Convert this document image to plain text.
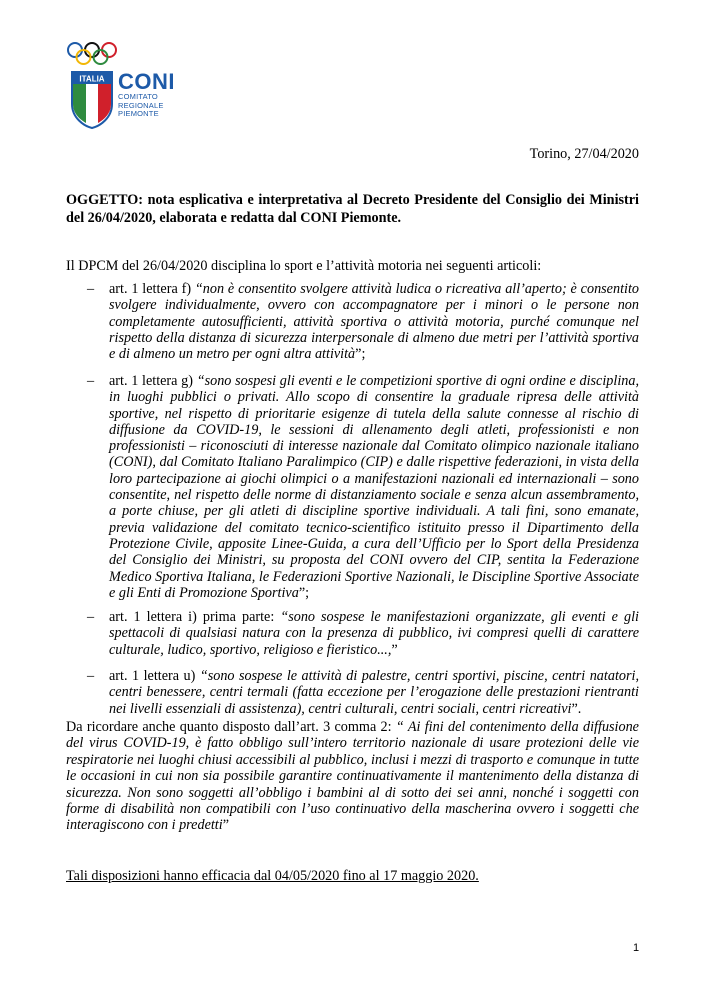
ITALIA CONI
COMITATO
REGIONALE
PIEMONTE
Torino, 27/04/2020
OGGETTO: nota esplicativa e interpretativa al Decreto Presidente del Consiglio dei Ministri del 26/04/2020, elaborata e redatta dal CONI Piemonte.
Il DPCM del 26/04/2020 disciplina lo sport e l’attività motoria nei seguenti articoli:
– art. 1 lettera f) “non è consentito svolgere attività ludica o ricreativa all’aperto; è consentito svolgere individualmente, ovvero con accompagnatore per i minori o le persone non completamente autosufficienti, attività sportiva o attività motoria, purché comunque nel rispetto della distanza di sicurezza interpersonale di almeno due metri per l’attività sportiva e di almeno un metro per ogni altra attività”;
– art. 1 lettera g) “sono sospesi gli eventi e le competizioni sportive di ogni ordine e disciplina, in luoghi pubblici o privati. Allo scopo di consentire la graduale ripresa delle attività sportive, nel rispetto di prioritarie esigenze di tutela della salute connesse al rischio di diffusione da COVID-19, le sessioni di allenamento degli atleti, professionisti e non professionisti – riconosciuti di interesse nazionale dal Comitato olimpico nazionale italiano (CONI), dal Comitato Italiano Paralimpico (CIP) e dalle rispettive federazioni, in vista della loro partecipazione ai giochi olimpici o a manifestazioni nazionali ed internazionali – sono consentite, nel rispetto delle norme di distanziamento sociale e senza alcun assembramento, a porte chiuse, per gli atleti di discipline sportive individuali. A tali fini, sono emanate, previa validazione del comitato tecnico-scientifico istituito presso il Dipartimento della Protezione Civile, apposite Linee-Guida, a cura dell’Ufficio per lo Sport della Presidenza del Consiglio dei Ministri, su proposta del CONI ovvero del CIP, sentita la Federazione Medico Sportiva Italiana, le Federazioni Sportive Nazionali, le Discipline Sportive Associate e gli Enti di Promozione Sportiva”;
– art. 1 lettera i) prima parte: “sono sospese le manifestazioni organizzate, gli eventi e gli spettacoli di qualsiasi natura con la presenza di pubblico, ivi compresi quelli di carattere culturale, ludico, sportivo, religioso e fieristico...,”
– art. 1 lettera u) “sono sospese le attività di palestre, centri sportivi, piscine, centri natatori, centri benessere, centri termali (fatta eccezione per l’erogazione delle prestazioni rientranti nei livelli essenziali di assistenza), centri culturali, centri sociali, centri ricreativi”.
Da ricordare anche quanto disposto dall’art. 3 comma 2: “ Ai fini del contenimento della diffusione del virus COVID-19, è fatto obbligo sull’intero territorio nazionale di usare protezioni delle vie respiratorie nei luoghi chiusi accessibili al pubblico, inclusi i mezzi di trasporto e comunque in tutte le occasioni in cui non sia possibile garantire continuativamente il mantenimento della distanza di sicurezza. Non sono soggetti all’obbligo i bambini al di sotto dei sei anni, nonché i soggetti con forme di disabilità non compatibili con l’uso continuativo della mascherina ovvero i soggetti che interagiscono con i predetti”
Tali disposizioni hanno efficacia dal 04/05/2020 fino al 17 maggio 2020.
1
